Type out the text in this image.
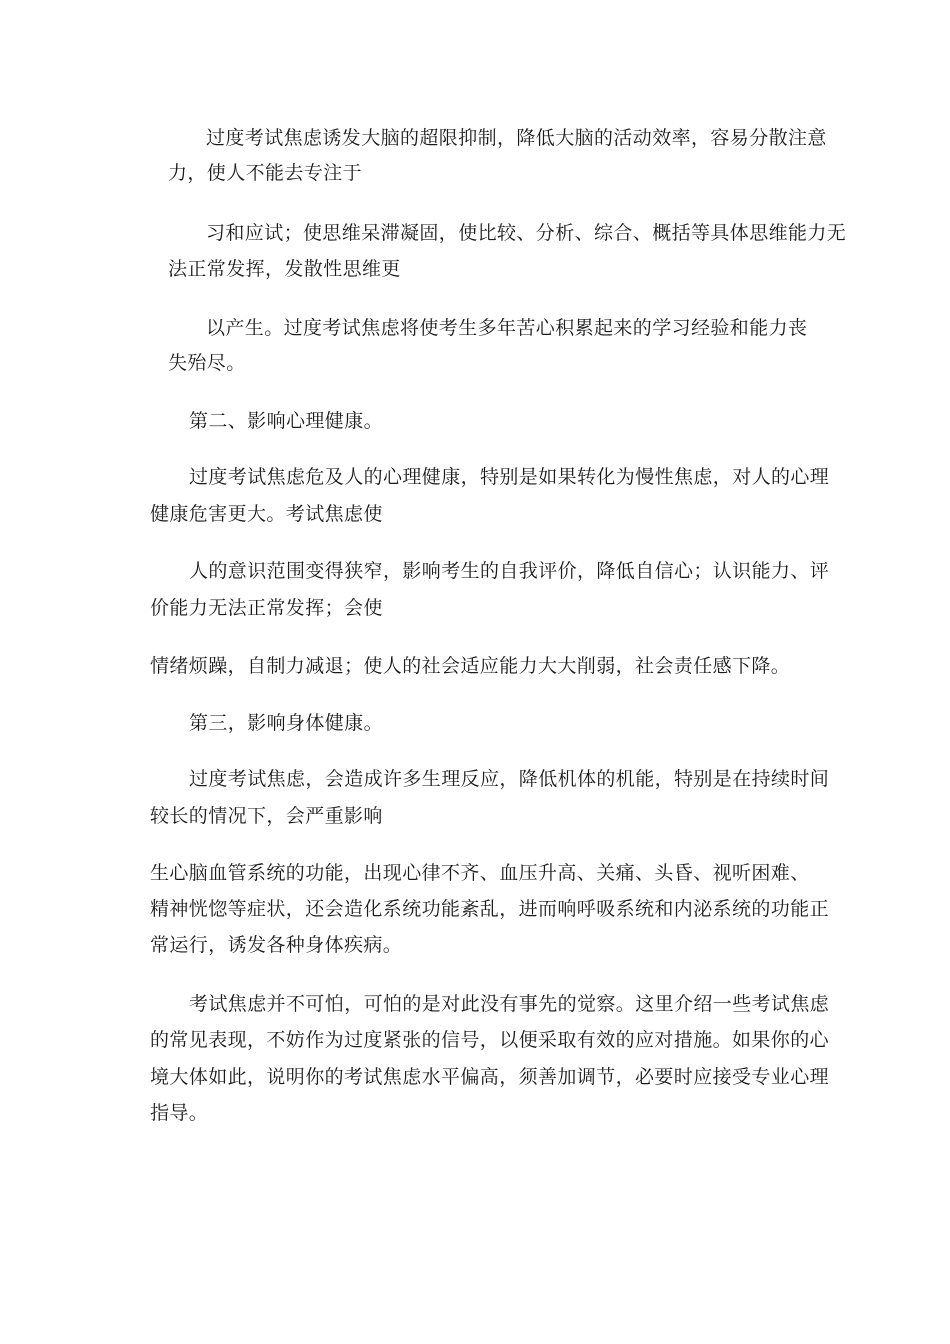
过度考试焦虑诱发大脑的超限抑制，降低大脑的活动效率，容易分散注意
力，使人不能去专注于
习和应试；使思维呆滞凝固，使比较、分析、综合、概括等具体思维能力无
法正常发挥，发散性思维更
以产生。过度考试焦虑将使考生多年苦心积累起来的学习经验和能力丧
失殆尽。
第二、影响心理健康。
过度考试焦虑危及人的心理健康，特别是如果转化为慢性焦虑，对人的心理
健康危害更大。考试焦虑使
人的意识范围变得狭窄，影响考生的自我评价，降低自信心；认识能力、评
价能力无法正常发挥；会使
情绪烦躁，自制力减退；使人的社会适应能力大大削弱，社会责任感下降。
第三，影响身体健康。
过度考试焦虑，会造成许多生理反应，降低机体的机能，特别是在持续时间
较长的情况下，会严重影响
生心脑血管系统的功能，出现心律不齐、血压升高、关痛、头昏、视听困难、
精神恍惚等症状，还会造化系统功能紊乱，进而响呼吸系统和内泌系统的功能正
常运行，诱发各种身体疾病。
考试焦虑并不可怕，可怕的是对此没有事先的觉察。这里介绍一些考试焦虑
的常见表现，不妨作为过度紧张的信号，以便采取有效的应对措施。如果你的心
境大体如此，说明你的考试焦虑水平偏高，须善加调节，必要时应接受专业心理
指导。
